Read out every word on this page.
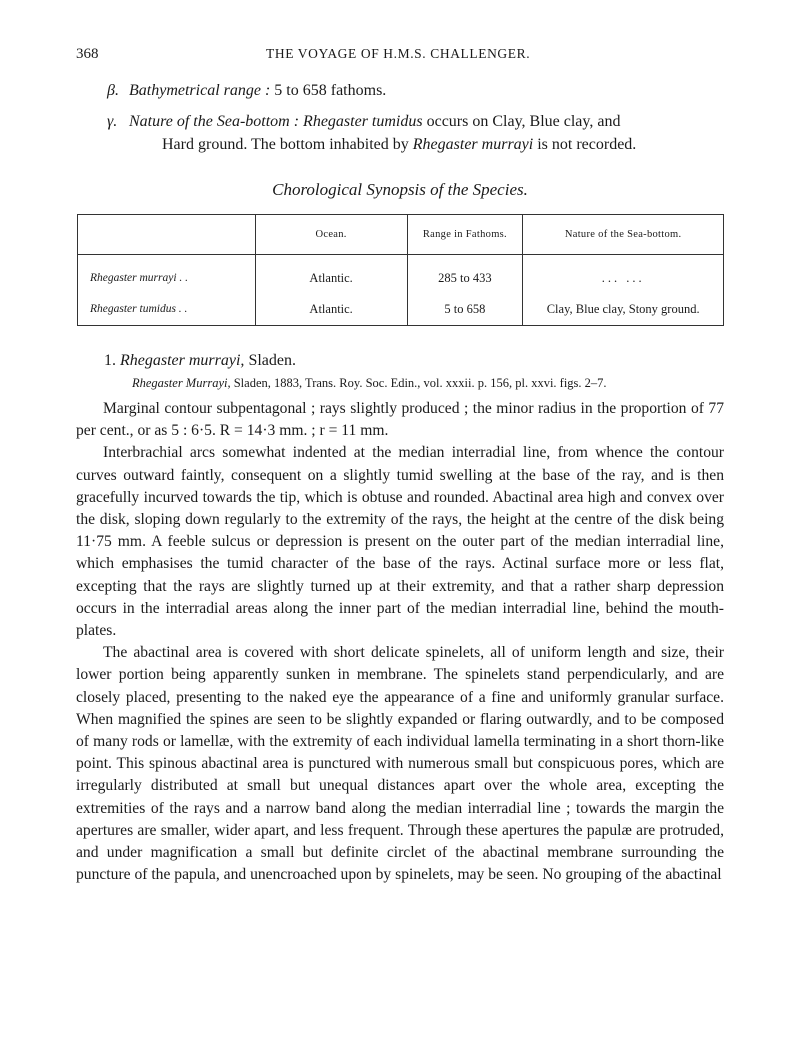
368	THE VOYAGE OF H.M.S. CHALLENGER.
β. Bathymetrical range : 5 to 658 fathoms.
γ. Nature of the Sea-bottom : Rhegaster tumidus occurs on Clay, Blue clay, and
Hard ground. The bottom inhabited by Rhegaster murrayi is not recorded.
Chorological Synopsis of the Species.
	Ocean.	Range in Fathoms.	Nature of the Sea-bottom.
Rhegaster murrayi . .	Atlantic.	285 to 433	... ...
Rhegaster tumidus . .	Atlantic.	5 to 658	Clay, Blue clay, Stony ground.
1. Rhegaster murrayi, Sladen.
Rhegaster Murrayi, Sladen, 1883, Trans. Roy. Soc. Edin., vol. xxxii. p. 156, pl. xxvi. figs. 2–7.

Marginal contour subpentagonal ; rays slightly produced ; the minor radius in the proportion of 77 per cent., or as 5 : 6·5. R = 14·3 mm. ; r = 11 mm.

Interbrachial arcs somewhat indented at the median interradial line, from whence the contour curves outward faintly, consequent on a slightly tumid swelling at the base of the ray, and is then gracefully incurved towards the tip, which is obtuse and rounded. Abactinal area high and convex over the disk, sloping down regularly to the extremity of the rays, the height at the centre of the disk being 11·75 mm. A feeble sulcus or depression is present on the outer part of the median interradial line, which emphasises the tumid character of the base of the rays. Actinal surface more or less flat, excepting that the rays are slightly turned up at their extremity, and that a rather sharp depression occurs in the interradial areas along the inner part of the median interradial line, behind the mouth-plates.

The abactinal area is covered with short delicate spinelets, all of uniform length and size, their lower portion being apparently sunken in membrane. The spinelets stand perpendicularly, and are closely placed, presenting to the naked eye the appearance of a fine and uniformly granular surface. When magnified the spines are seen to be slightly expanded or flaring outwardly, and to be composed of many rods or lamellæ, with the extremity of each individual lamella terminating in a short thorn-like point. This spinous abactinal area is punctured with numerous small but conspicuous pores, which are irregularly distributed at small but unequal distances apart over the whole area, excepting the extremities of the rays and a narrow band along the median interradial line ; towards the margin the apertures are smaller, wider apart, and less frequent. Through these apertures the papulæ are protruded, and under magnification a small but definite circlet of the abactinal membrane surrounding the puncture of the papula, and unencroached upon by spinelets, may be seen. No grouping of the abactinal
